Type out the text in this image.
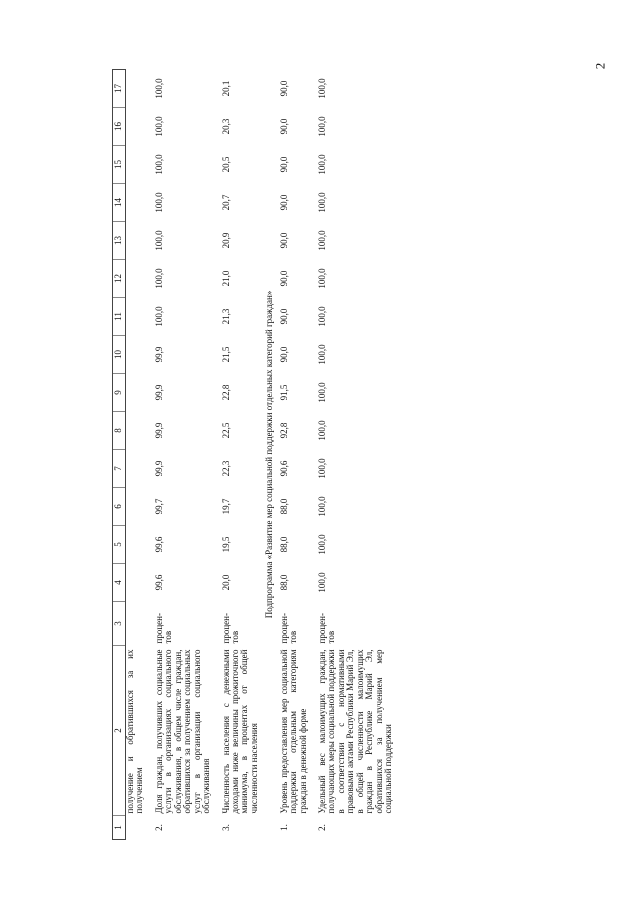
2
1	2	3	4	5	6	7	8	9	10	11	12	13	14	15	16	17
	получение и обратившихся за их получением															

2.	Доля граждан, получивших социальные услуги в организациях социального обслуживания, в общем числе граждан, обратившихся за получением социальных услуг в организации социального обслуживания	процен-тов	99,6	99,6	99,7	99,9	99,9	99,9	99,9	100,0	100,0	100,0	100,0	100,0	100,0	100,0

3.	Численность населения с денежными доходами ниже величины прожиточного минимума, в процентах от общей численности населения	процен-тов	20,0	19,5	19,7	22,3	22,5	22,8	21,5	21,3	21,0	20,9	20,7	20,5	20,3	20,1
Подпрограмма «Развитие мер социальной поддержки отдельных категорий граждан»																
1.	Уровень предоставления мер социальной поддержки отдельным категориям граждан в денежной форме	процен-тов	88,0	88,0	88,0	90,6	92,8	91,5	90,0	90,0	90,0	90,0	90,0	90,0	90,0	90,0

2.	Удельный вес малоимущих граждан, получающих меры социальной поддержки в соответствии с нормативными правовыми актами Республики Марий Эл, в общей численности малоимущих граждан в Республике Марий Эл, обратившихся за получением мер социальной поддержки	процен-тов	100,0	100,0	100,0	100,0	100,0	100,0	100,0	100,0	100,0	100,0	100,0	100,0	100,0	100,0
